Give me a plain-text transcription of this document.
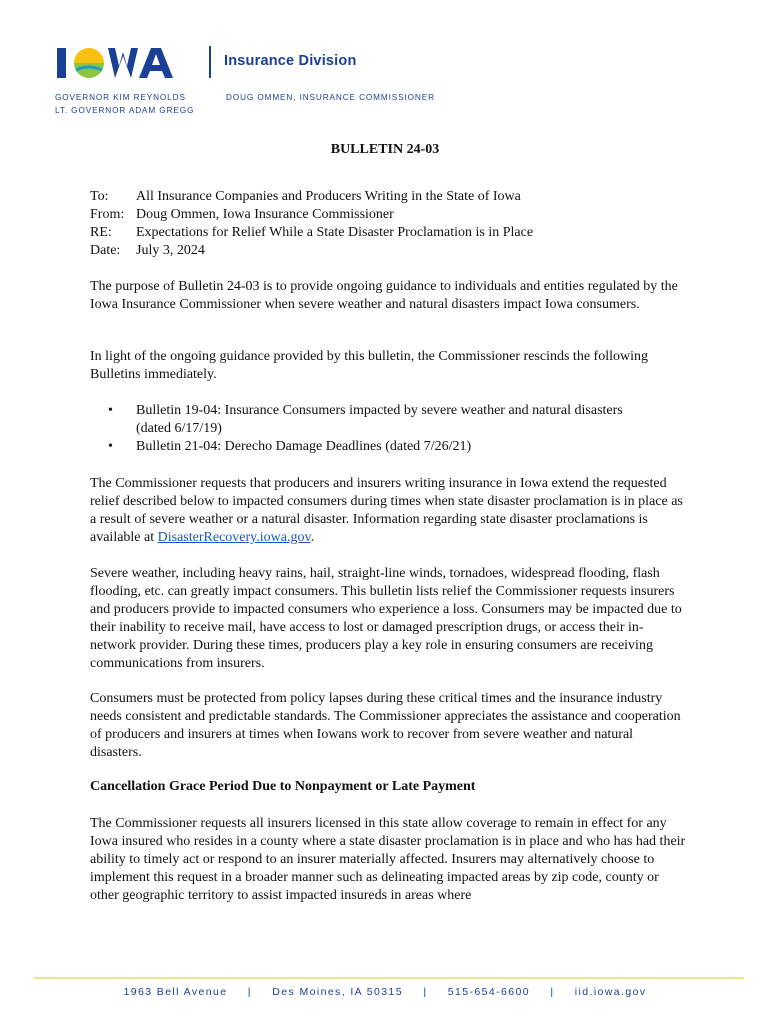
Insurance Division
GOVERNOR KIM REYNOLDS
LT. GOVERNOR ADAM GREGG
DOUG OMMEN, INSURANCE COMMISSIONER
BULLETIN 24-03
To:	All Insurance Companies and Producers Writing in the State of Iowa
From: Doug Ommen, Iowa Insurance Commissioner
RE:	Expectations for Relief While a State Disaster Proclamation is in Place
Date:	July 3, 2024
The purpose of Bulletin 24-03 is to provide ongoing guidance to individuals and entities regulated by the Iowa Insurance Commissioner when severe weather and natural disasters impact Iowa consumers.
In light of the ongoing guidance provided by this bulletin, the Commissioner rescinds the following Bulletins immediately.
•	Bulletin 19-04: Insurance Consumers impacted by severe weather and natural disasters
(dated 6/17/19)
•	Bulletin 21-04: Derecho Damage Deadlines (dated 7/26/21)
The Commissioner requests that producers and insurers writing insurance in Iowa extend the requested relief described below to impacted consumers during times when state disaster proclamation is in place as a result of severe weather or a natural disaster. Information regarding state disaster proclamations is available at DisasterRecovery.iowa.gov.
Severe weather, including heavy rains, hail, straight-line winds, tornadoes, widespread flooding, flash flooding, etc. can greatly impact consumers. This bulletin lists relief the Commissioner requests insurers and producers provide to impacted consumers who experience a loss. Consumers may be impacted due to their inability to receive mail, have access to lost or damaged prescription drugs, or access their in-network provider. During these times, producers play a key role in ensuring consumers are receiving communications from insurers.
Consumers must be protected from policy lapses during these critical times and the insurance industry needs consistent and predictable standards. The Commissioner appreciates the assistance and cooperation of producers and insurers at times when Iowans work to recover from severe weather and natural disasters.
Cancellation Grace Period Due to Nonpayment or Late Payment
The Commissioner requests all insurers licensed in this state allow coverage to remain in effect for any Iowa insured who resides in a county where a state disaster proclamation is in place and who has had their ability to timely act or respond to an insurer materially affected. Insurers may alternatively choose to implement this request in a broader manner such as delineating impacted areas by zip code, county or other geographic territory to assist impacted insureds in areas where
1963 Bell Avenue | Des Moines, IA 50315 | 515-654-6600 | iid.iowa.gov
